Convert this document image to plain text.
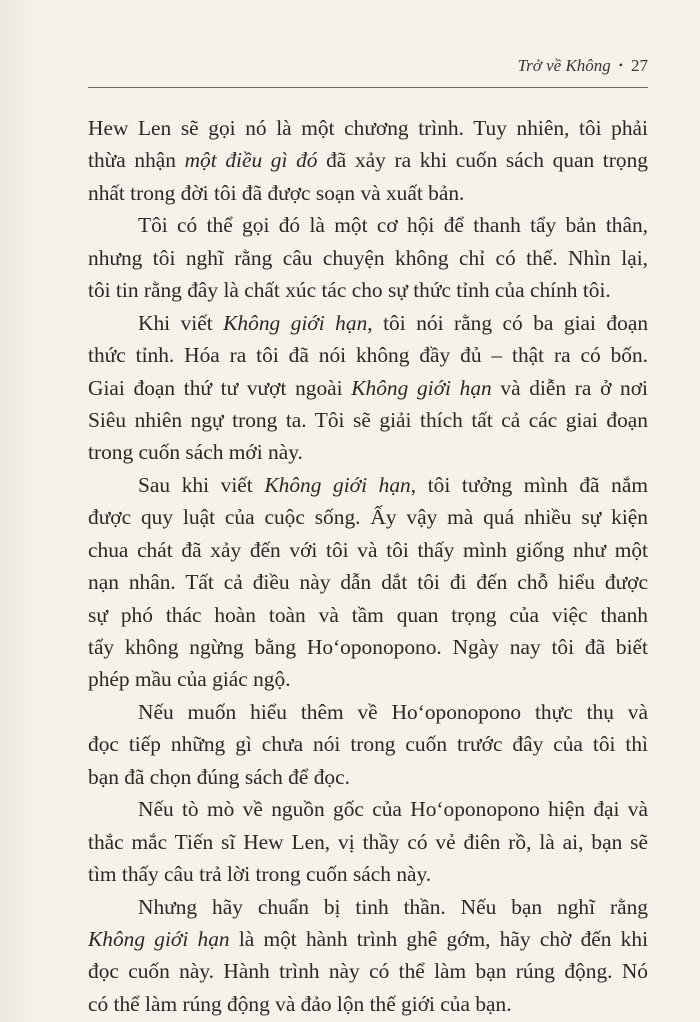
Trở về Không • 27
Hew Len sẽ gọi nó là một chương trình. Tuy nhiên, tôi phải
thừa nhận một điều gì đó đã xảy ra khi cuốn sách quan trọng
nhất trong đời tôi đã được soạn và xuất bản.
Tôi có thể gọi đó là một cơ hội để thanh tẩy bản thân,
nhưng tôi nghĩ rằng câu chuyện không chỉ có thế. Nhìn lại,
tôi tin rằng đây là chất xúc tác cho sự thức tỉnh của chính tôi.
Khi viết Không giới hạn, tôi nói rằng có ba giai đoạn
thức tỉnh. Hóa ra tôi đã nói không đầy đủ – thật ra có bốn.
Giai đoạn thứ tư vượt ngoài Không giới hạn và diễn ra ở nơi
Siêu nhiên ngự trong ta. Tôi sẽ giải thích tất cả các giai đoạn
trong cuốn sách mới này.
Sau khi viết Không giới hạn, tôi tưởng mình đã nắm
được quy luật của cuộc sống. Ấy vậy mà quá nhiều sự kiện
chua chát đã xảy đến với tôi và tôi thấy mình giống như một
nạn nhân. Tất cả điều này dẫn dắt tôi đi đến chỗ hiểu được
sự phó thác hoàn toàn và tầm quan trọng của việc thanh
tẩy không ngừng bằng Hoʻoponopono. Ngày nay tôi đã biết
phép mầu của giác ngộ.
Nếu muốn hiểu thêm về Hoʻoponopono thực thụ và
đọc tiếp những gì chưa nói trong cuốn trước đây của tôi thì
bạn đã chọn đúng sách để đọc.
Nếu tò mò về nguồn gốc của Hoʻoponopono hiện đại và
thắc mắc Tiến sĩ Hew Len, vị thầy có vẻ điên rồ, là ai, bạn sẽ
tìm thấy câu trả lời trong cuốn sách này.
Nhưng hãy chuẩn bị tinh thần. Nếu bạn nghĩ rằng
Không giới hạn là một hành trình ghê gớm, hãy chờ đến khi
đọc cuốn này. Hành trình này có thể làm bạn rúng động. Nó
có thể làm rúng động và đảo lộn thế giới của bạn.
